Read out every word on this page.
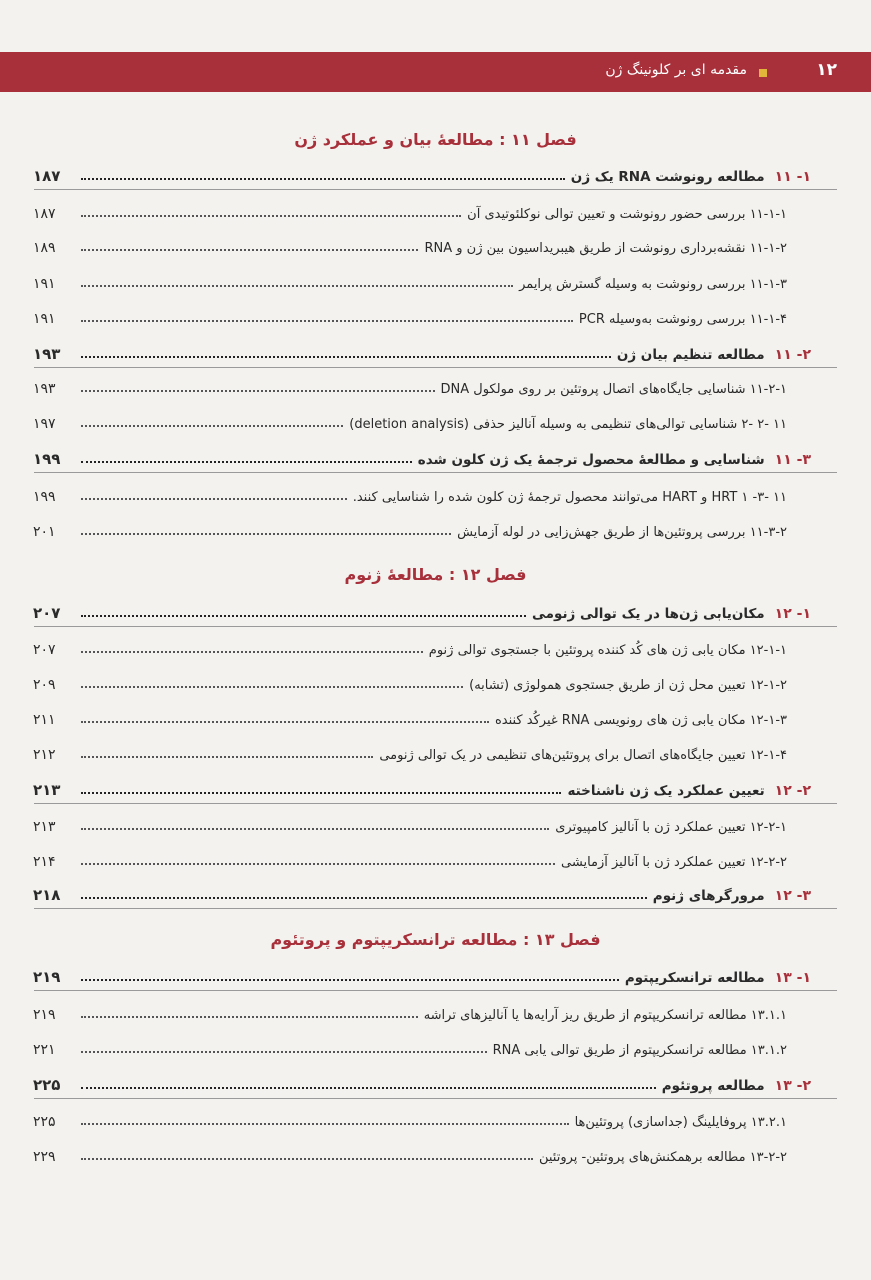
۱۲
مقدمه ای بر کلونینگ ژن
فصل ۱۱ : مطالعهٔ بیان و عملکرد ژن
۱- ۱۱
مطالعه رونوشت RNA یک ژن
۱۸۷
۱۱-۱-۱ بررسی حضور رونوشت و تعیین توالی نوکلئوتیدی آن
۱۸۷
۱۱-۱-۲ نقشه‌برداری رونوشت از طریق هیبریداسیون بین ژن و RNA
۱۸۹
۱۱-۱-۳ بررسی رونوشت به وسیله گسترش پرایمر
۱۹۱
۱۱-۱-۴ بررسی رونوشت به‌وسیله PCR
۱۹۱
۲- ۱۱
مطالعه تنظیم بیان ژن
۱۹۳
۱۱-۲-۱ شناسایی جایگاه‌های اتصال پروتئین بر روی مولکول DNA
۱۹۳
۱۱ -۲ -۲ شناسایی توالی‌های تنظیمی به وسیله آنالیز حذفی (deletion analysis)
۱۹۷
۳- ۱۱
شناسایی و مطالعهٔ محصول ترجمهٔ یک ژن کلون شده
۱۹۹
۱۱ -۳- ۱ HRT و HART می‌توانند محصول ترجمهٔ ژن کلون شده را شناسایی کنند.
۱۹۹
۱۱-۳-۲ بررسی پروتئین‌ها از طریق جهش‌زایی در لوله آزمایش
۲۰۱
فصل ۱۲ : مطالعهٔ ژنوم
۱- ۱۲
مکان‌یابی ژن‌ها در یک توالی ژنومی
۲۰۷
۱۲-۱-۱ مکان یابی ژن های کُد کننده پروتئین با جستجوی توالی ژنوم
۲۰۷
۱۲-۱-۲ تعیین محل ژن از طریق جستجوی همولوژی (تشابه)
۲۰۹
۱۲-۱-۳ مکان یابی ژن های رونویسی RNA غیرکُد کننده
۲۱۱
۱۲-۱-۴ تعیین جایگاه‌های اتصال برای پروتئین‌های تنظیمی در یک توالی ژنومی
۲۱۲
۲- ۱۲
تعیین عملکرد یک ژن ناشناخته
۲۱۳
۱۲-۲-۱ تعیین عملکرد ژن با آنالیز کامپیوتری
۲۱۳
۱۲-۲-۲ تعیین عملکرد ژن با آنالیز آزمایشی
۲۱۴
۳- ۱۲
مرورگرهای ژنوم
۲۱۸
فصل ۱۳ : مطالعه ترانسکریپتوم و پروتئوم
۱- ۱۳
مطالعه ترانسکریپتوم
۲۱۹
۱۳.۱.۱ مطالعه ترانسکریپتوم از طریق ریز آرایه‌ها یا آنالیزهای تراشه
۲۱۹
۱۳.۱.۲ مطالعه ترانسکریپتوم از طریق توالی یابی RNA
۲۲۱
۲- ۱۳
مطالعه پروتئوم
۲۲۵
۱۳.۲.۱ پروفایلینگ (جداسازی) پروتئین‌ها
۲۲۵
۱۳-۲-۲ مطالعه برهمکنش‌های پروتئین- پروتئین
۲۲۹
